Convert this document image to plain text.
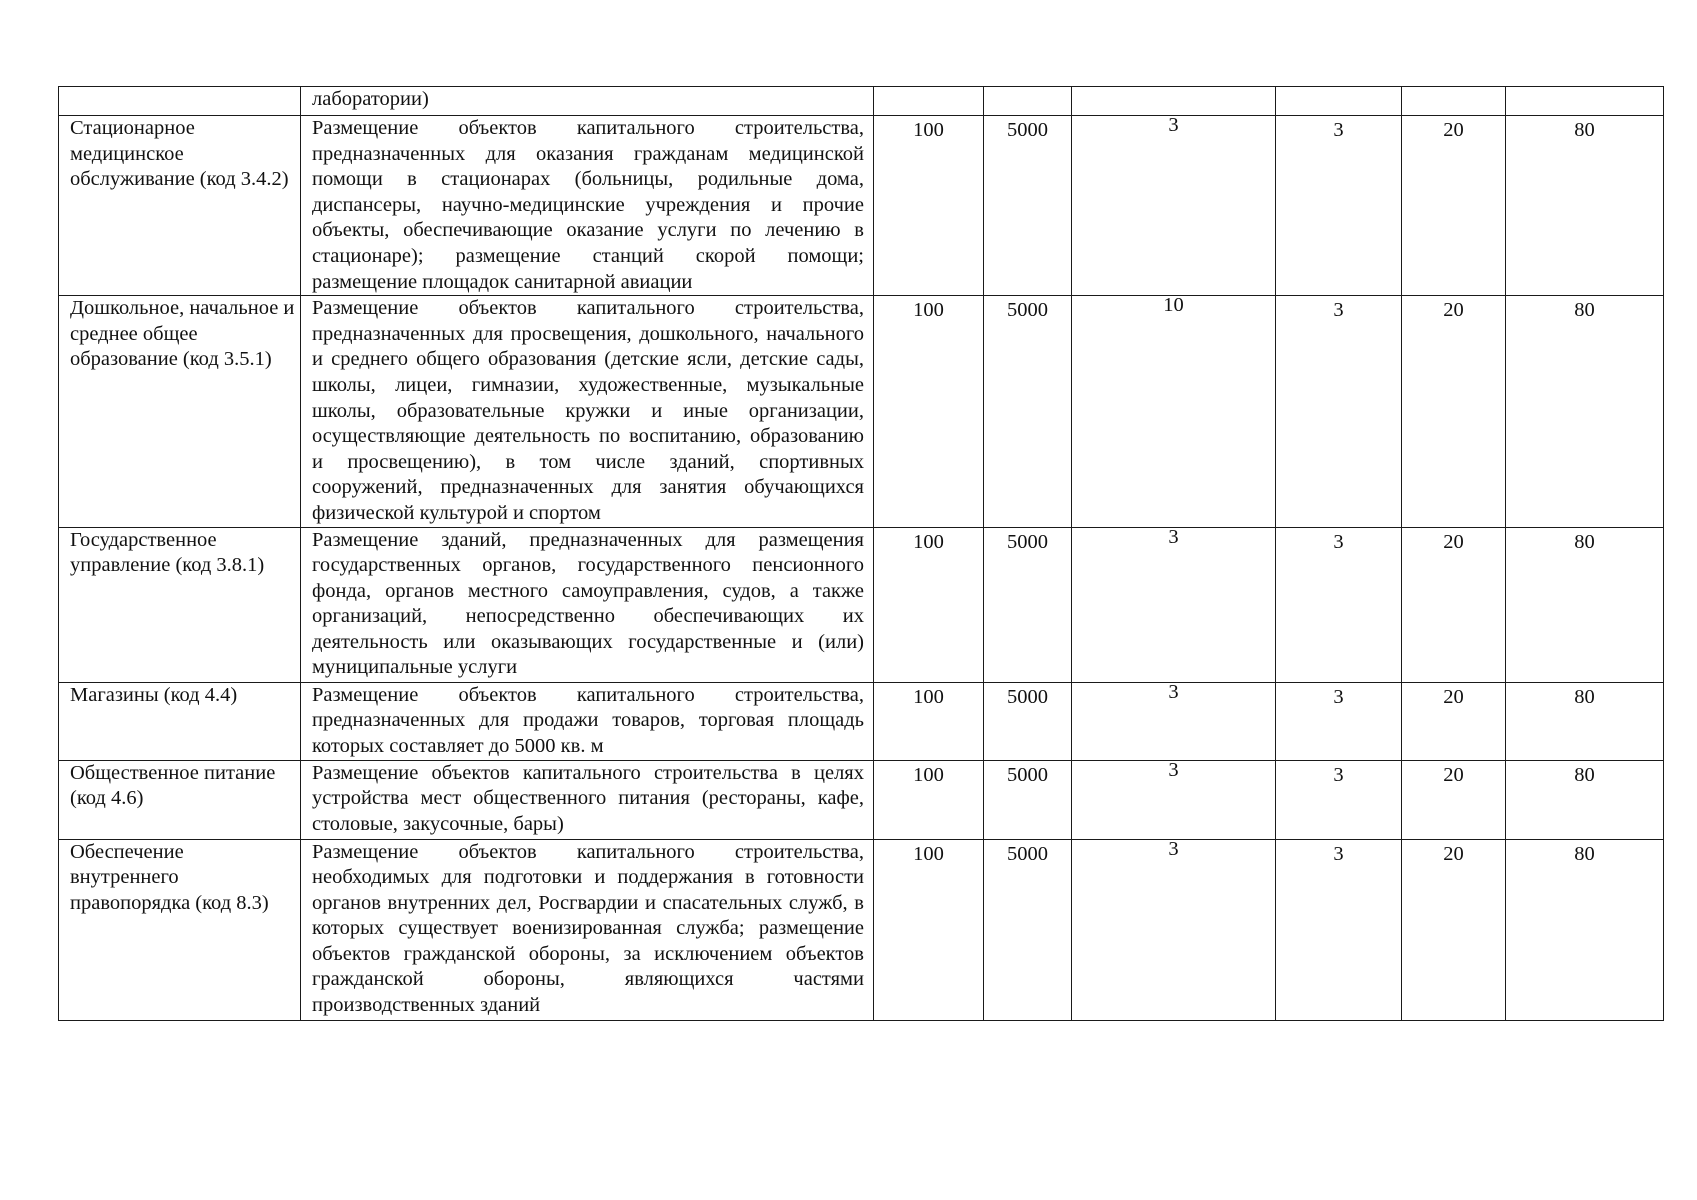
	лаборатории)						

Стационарное медицинское обслуживание (код 3.4.2)	Размещение объектов капитального строительства, предназначенных для оказания гражданам медицинской помощи в стационарах (больницы, родильные дома, диспансеры, научно-медицинские учреждения и прочие объекты, обеспечивающие оказание услуги по лечению в стационаре); размещение станций скорой помощи; размещение площадок санитарной авиации	100	5000	3	3	20	80
Дошкольное, начальное и среднее общее образование (код 3.5.1)	Размещение объектов капитального строительства, предназначенных для просвещения, дошкольного, начального и среднего общего образования (детские ясли, детские сады, школы, лицеи, гимназии, художественные, музыкальные школы, образовательные кружки и иные организации, осуществляющие деятельность по воспитанию, образованию и просвещению), в том числе зданий, спортивных сооружений, предназначенных для занятия обучающихся физической культурой и спортом	100	5000	10	3	20	80
Государственное управление (код 3.8.1)	Размещение зданий, предназначенных для размещения государственных органов, государственного пенсионного фонда, органов местного самоуправления, судов, а также организаций, непосредственно обеспечивающих их деятельность или оказывающих государственные и (или) муниципальные услуги	100	5000	3	3	20	80
Магазины (код 4.4)	Размещение объектов капитального строительства, предназначенных для продажи товаров, торговая площадь которых составляет до 5000 кв. м	100	5000	3	3	20	80
Общественное питание (код 4.6)	Размещение объектов капитального строительства в целях устройства мест общественного питания (рестораны, кафе, столовые, закусочные, бары)	100	5000	3	3	20	80
Обеспечение внутреннего правопорядка (код 8.3)	Размещение объектов капитального строительства, необходимых для подготовки и поддержания в готовности органов внутренних дел, Росгвардии и спасательных служб, в которых существует военизированная служба; размещение объектов гражданской обороны, за исключением объектов гражданской обороны, являющихся частями производственных зданий	100	5000	3	3	20	80
